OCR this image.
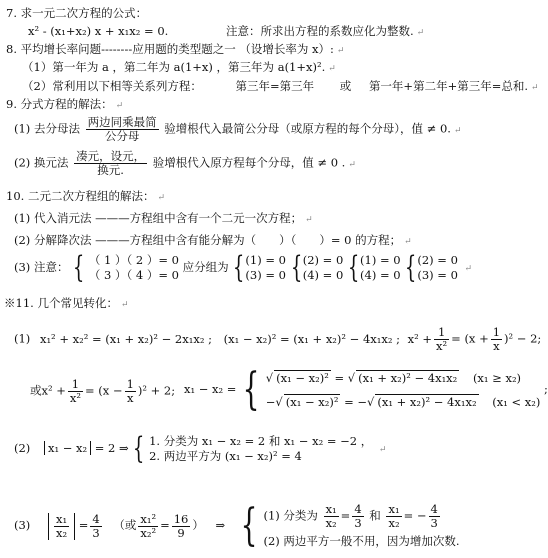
7. 求一元二次方程的公式：
x² - (x₁+x₂) x + x₁x₂ = 0.	注意：所求出方程的系数应化为整数. ↵
8. 平均增长率问题--------应用题的类型题之一 （设增长率为 x）: ↵
（1）第一年为 a ，第二年为 a(1+x) ，第三年为 a(1+x)². ↵
（2）常利用以下相等关系列方程：	第三年=第三年 或 第一年+第二年+第三年=总和. ↵
9. 分式方程的解法： ↵
(1) 去分母法 $\frac{\text{两边同乘最简}}{\text{公分母}}$ 验增根代入最简公分母（或原方程的每个分母），值 ≠ 0. ↵
(2) 换元法 $\frac{\text{凑元，设元，}}{\text{换元.}}$ 验增根代入原方程每个分母，值 ≠ 0 . ↵
10. 二元二次方程组的解法： ↵
(1) 代入消元法 ———方程组中含有一个二元一次方程； ↵
(2) 分解降次法 ———方程组中含有能分解为（　　）（　　）= 0 的方程； ↵
(3) 注意： { （ 1 ）（ 2 ）= 0
（ 3 ）（ 4 ）= 0
应分组为 { (1) = 0
(3) = 0 { (2) = 0
(4) = 0 { (1) = 0
(4) = 0 { (2) = 0
(3) = 0 ↵
※11. 几个常见转化： ↵
(1) x₁² + x₂² = (x₁ + x₂)² − 2x₁x₂ ; (x₁ − x₂)² = (x₁ + x₂)² − 4x₁x₂ ; $x^2 + \frac{1}{\text{x²}} = (x + \frac{1}{x} )^2 - 2$;
或$x^2 + \frac{1}{\text{x²}} = (x - \frac{1}{x} )^2 + 2$; x₁ − x₂ = { √ (x₁ − x₂)² = √ (x₁ + x₂)² − 4x₁x₂ (x₁ ≥ x₂)
−√ (x₁ − x₂)² = −√ (x₁ + x₂)² − 4x₁x₂ (x₁ < x₂)
;
(2) x₁ − x₂ = 2 ⇒ { 1. 分类为 x₁ − x₂ = 2 和 x₁ − x₂ = −2 ，
2. 两边平方为 (x₁ − x₂)² = 4	↵
$(3) \frac{\text{x₁}}{\text{x₂}} = \frac{4}{3}$ （或 $\frac{\text{x₁²}}{\text{x₂²}} = \frac{16}{9}$ ） ⇒ { (1) 分类为 $\frac{\text{x₁}}{\text{x₂}} = \frac{4}{3}$ 和 $\frac{\text{x₁}}{\text{x₂}}$ = − $\frac{4}{3}$
(2) 两边平方一般不用，因为增加次数.
